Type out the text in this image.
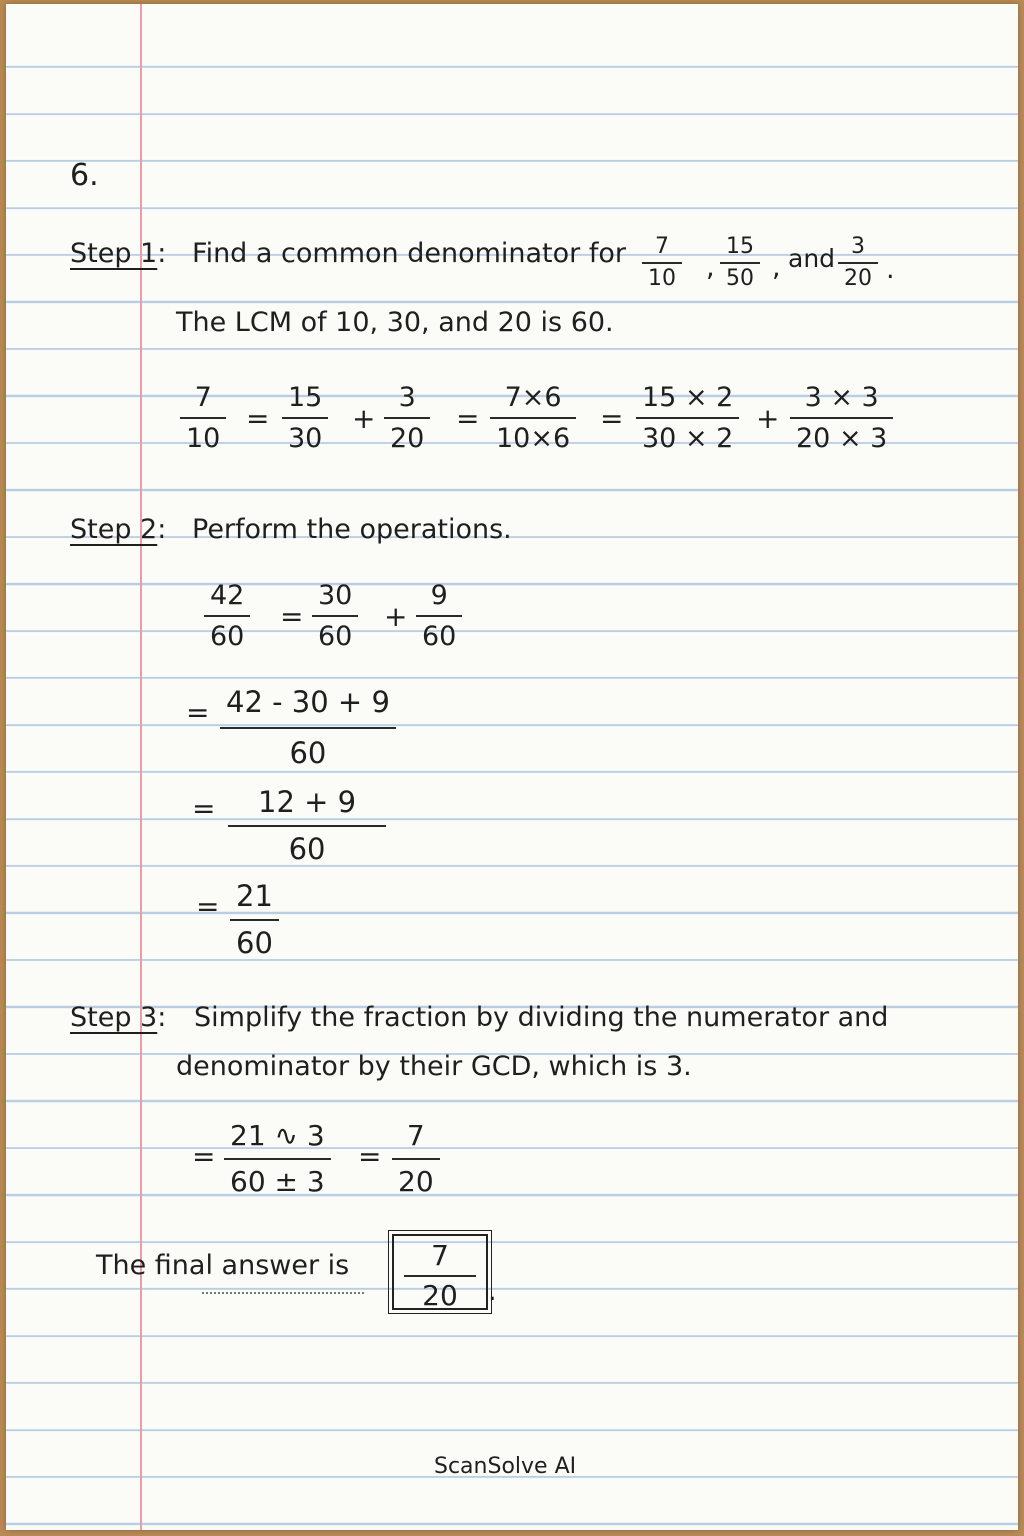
6.
Step 1: Find a common denominator for 7
10 ,
15
50 , and 3
20 .
The LCM of 10, 30, and 20 is 60.
7
10
=
15
30
+
3
20
=
7×6
10×6
=
15 × 2
30 × 2
+
3 × 3
20 × 3
Step 2: Perform the operations.
42
60
=
30
60
+
9
60
= 42 - 30 + 9
60
=	12 + 9
60
= 21
60
Step 3: Simplify the fraction by dividing the numerator and
denominator by their GCD, which is 3.
=
21 ∿ 3
60 ± 3
=
7
20
The final answer is	7
20 .
ScanSolve AI
